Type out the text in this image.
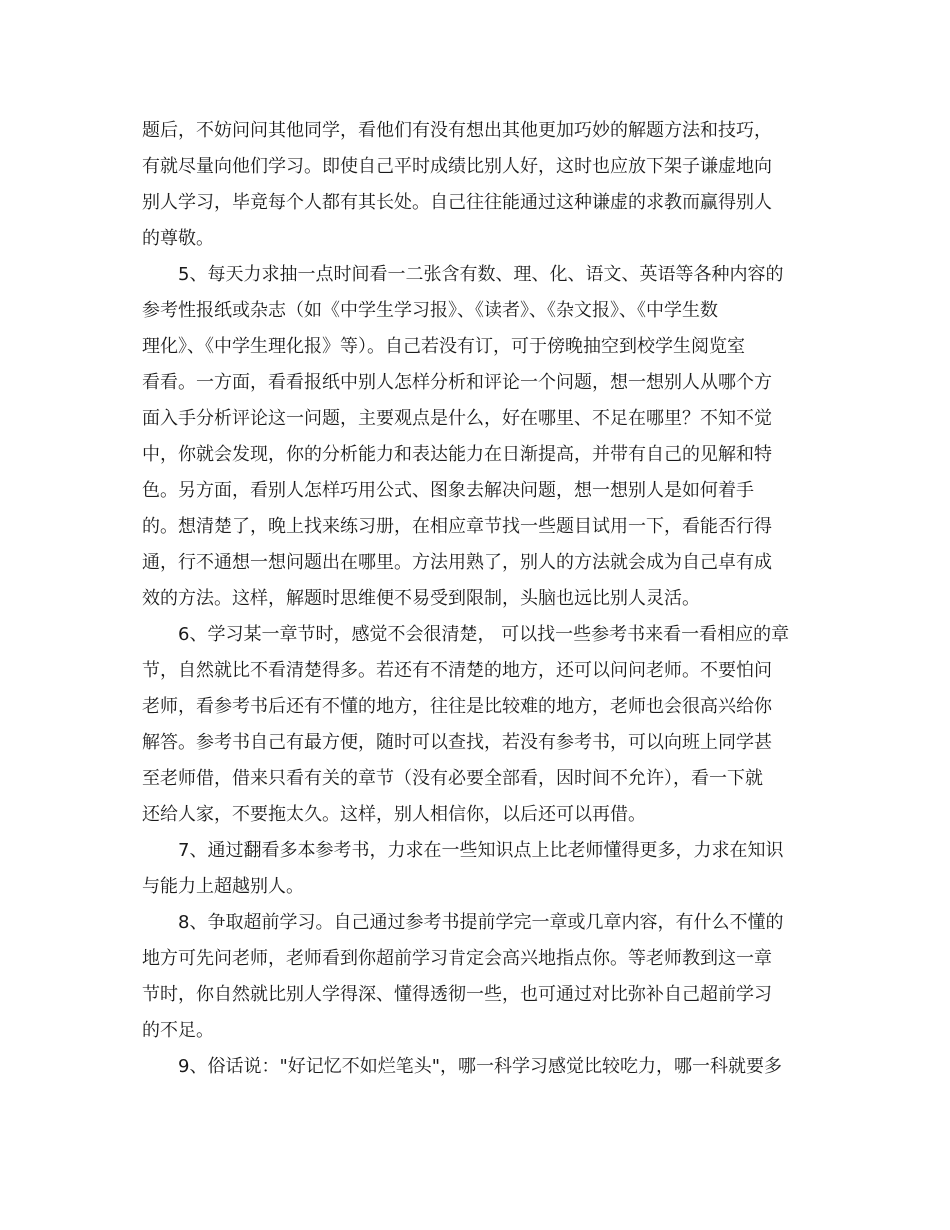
题后，不妨问问其他同学，看他们有没有想出其他更加巧妙的解题方法和技巧，
有就尽量向他们学习。即使自己平时成绩比别人好，这时也应放下架子谦虚地向
别人学习，毕竟每个人都有其长处。自己往往能通过这种谦虚的求教而赢得别人
的尊敬。
5、每天力求抽一点时间看一二张含有数、理、化、语文、英语等各种内容的
参考性报纸或杂志（如《中学生学习报》、《读者》、《杂文报》、《中学生数
理化》、《中学生理化报》等）。自己若没有订，可于傍晚抽空到校学生阅览室
看看。一方面，看看报纸中别人怎样分析和评论一个问题，想一想别人从哪个方
面入手分析评论这一问题，主要观点是什么，好在哪里、不足在哪里？不知不觉
中，你就会发现，你的分析能力和表达能力在日渐提高，并带有自己的见解和特
色。另方面，看别人怎样巧用公式、图象去解决问题，想一想别人是如何着手
的。想清楚了，晚上找来练习册，在相应章节找一些题目试用一下，看能否行得
通，行不通想一想问题出在哪里。方法用熟了，别人的方法就会成为自己卓有成
效的方法。这样，解题时思维便不易受到限制，头脑也远比别人灵活。
6、学习某一章节时，感觉不会很清楚， 可以找一些参考书来看一看相应的章
节，自然就比不看清楚得多。若还有不清楚的地方，还可以问问老师。不要怕问
老师，看参考书后还有不懂的地方，往往是比较难的地方，老师也会很高兴给你
解答。参考书自己有最方便，随时可以查找，若没有参考书，可以向班上同学甚
至老师借，借来只看有关的章节（没有必要全部看，因时间不允许），看一下就
还给人家，不要拖太久。这样，别人相信你，以后还可以再借。
7、通过翻看多本参考书，力求在一些知识点上比老师懂得更多，力求在知识
与能力上超越别人。
8、争取超前学习。自己通过参考书提前学完一章或几章内容，有什么不懂的
地方可先问老师，老师看到你超前学习肯定会高兴地指点你。等老师教到这一章
节时，你自然就比别人学得深、懂得透彻一些，也可通过对比弥补自己超前学习
的不足。
9、俗话说："好记忆不如烂笔头"，哪一科学习感觉比较吃力，哪一科就要多
